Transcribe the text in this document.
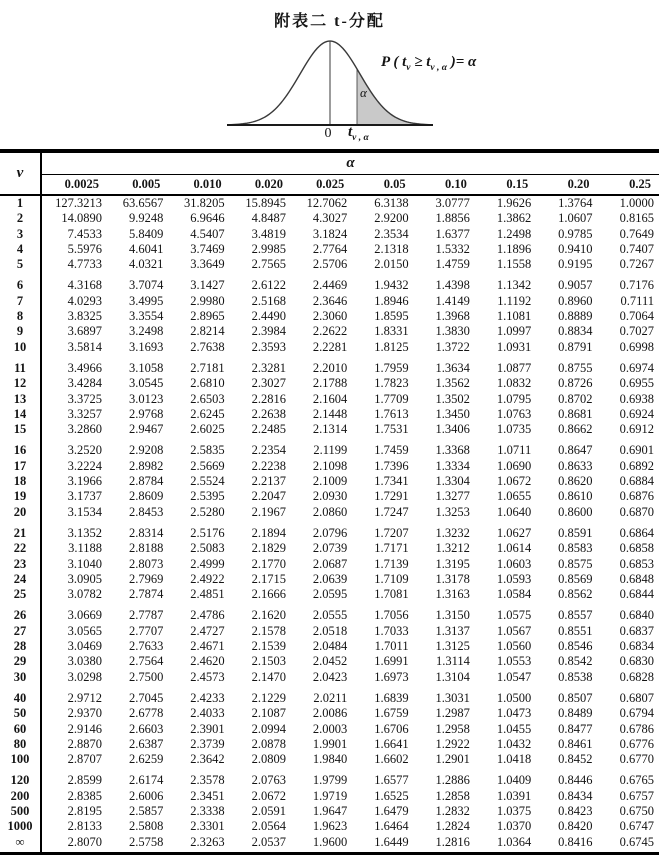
附表二 t-分配
P ( $t_\nu \ge t_{\nu , \alpha}$ )= α
α
0	$t_{\nu , \alpha}$
ν	α									
	0.0025	0.005	0.010	0.020	0.025	0.05	0.10	0.15	0.20	0.25
1	127.3213	63.6567	31.8205	15.8945	12.7062	6.3138	3.0777	1.9626	1.3764	1.0000
2	14.0890	9.9248	6.9646	4.8487	4.3027	2.9200	1.8856	1.3862	1.0607	0.8165
3	7.4533	5.8409	4.5407	3.4819	3.1824	2.3534	1.6377	1.2498	0.9785	0.7649
4	5.5976	4.6041	3.7469	2.9985	2.7764	2.1318	1.5332	1.1896	0.9410	0.7407
5	4.7733	4.0321	3.3649	2.7565	2.5706	2.0150	1.4759	1.1558	0.9195	0.7267
6	4.3168	3.7074	3.1427	2.6122	2.4469	1.9432	1.4398	1.1342	0.9057	0.7176
7	4.0293	3.4995	2.9980	2.5168	2.3646	1.8946	1.4149	1.1192	0.8960	0.7111
8	3.8325	3.3554	2.8965	2.4490	2.3060	1.8595	1.3968	1.1081	0.8889	0.7064
9	3.6897	3.2498	2.8214	2.3984	2.2622	1.8331	1.3830	1.0997	0.8834	0.7027
10	3.5814	3.1693	2.7638	2.3593	2.2281	1.8125	1.3722	1.0931	0.8791	0.6998
11	3.4966	3.1058	2.7181	2.3281	2.2010	1.7959	1.3634	1.0877	0.8755	0.6974
12	3.4284	3.0545	2.6810	2.3027	2.1788	1.7823	1.3562	1.0832	0.8726	0.6955
13	3.3725	3.0123	2.6503	2.2816	2.1604	1.7709	1.3502	1.0795	0.8702	0.6938
14	3.3257	2.9768	2.6245	2.2638	2.1448	1.7613	1.3450	1.0763	0.8681	0.6924
15	3.2860	2.9467	2.6025	2.2485	2.1314	1.7531	1.3406	1.0735	0.8662	0.6912
16	3.2520	2.9208	2.5835	2.2354	2.1199	1.7459	1.3368	1.0711	0.8647	0.6901
17	3.2224	2.8982	2.5669	2.2238	2.1098	1.7396	1.3334	1.0690	0.8633	0.6892
18	3.1966	2.8784	2.5524	2.2137	2.1009	1.7341	1.3304	1.0672	0.8620	0.6884
19	3.1737	2.8609	2.5395	2.2047	2.0930	1.7291	1.3277	1.0655	0.8610	0.6876
20	3.1534	2.8453	2.5280	2.1967	2.0860	1.7247	1.3253	1.0640	0.8600	0.6870
21	3.1352	2.8314	2.5176	2.1894	2.0796	1.7207	1.3232	1.0627	0.8591	0.6864
22	3.1188	2.8188	2.5083	2.1829	2.0739	1.7171	1.3212	1.0614	0.8583	0.6858
23	3.1040	2.8073	2.4999	2.1770	2.0687	1.7139	1.3195	1.0603	0.8575	0.6853
24	3.0905	2.7969	2.4922	2.1715	2.0639	1.7109	1.3178	1.0593	0.8569	0.6848
25	3.0782	2.7874	2.4851	2.1666	2.0595	1.7081	1.3163	1.0584	0.8562	0.6844
26	3.0669	2.7787	2.4786	2.1620	2.0555	1.7056	1.3150	1.0575	0.8557	0.6840
27	3.0565	2.7707	2.4727	2.1578	2.0518	1.7033	1.3137	1.0567	0.8551	0.6837
28	3.0469	2.7633	2.4671	2.1539	2.0484	1.7011	1.3125	1.0560	0.8546	0.6834
29	3.0380	2.7564	2.4620	2.1503	2.0452	1.6991	1.3114	1.0553	0.8542	0.6830
30	3.0298	2.7500	2.4573	2.1470	2.0423	1.6973	1.3104	1.0547	0.8538	0.6828
40	2.9712	2.7045	2.4233	2.1229	2.0211	1.6839	1.3031	1.0500	0.8507	0.6807
50	2.9370	2.6778	2.4033	2.1087	2.0086	1.6759	1.2987	1.0473	0.8489	0.6794
60	2.9146	2.6603	2.3901	2.0994	2.0003	1.6706	1.2958	1.0455	0.8477	0.6786
80	2.8870	2.6387	2.3739	2.0878	1.9901	1.6641	1.2922	1.0432	0.8461	0.6776
100	2.8707	2.6259	2.3642	2.0809	1.9840	1.6602	1.2901	1.0418	0.8452	0.6770
120	2.8599	2.6174	2.3578	2.0763	1.9799	1.6577	1.2886	1.0409	0.8446	0.6765
200	2.8385	2.6006	2.3451	2.0672	1.9719	1.6525	1.2858	1.0391	0.8434	0.6757
500	2.8195	2.5857	2.3338	2.0591	1.9647	1.6479	1.2832	1.0375	0.8423	0.6750
1000	2.8133	2.5808	2.3301	2.0564	1.9623	1.6464	1.2824	1.0370	0.8420	0.6747
∞	2.8070	2.5758	2.3263	2.0537	1.9600	1.6449	1.2816	1.0364	0.8416	0.6745
